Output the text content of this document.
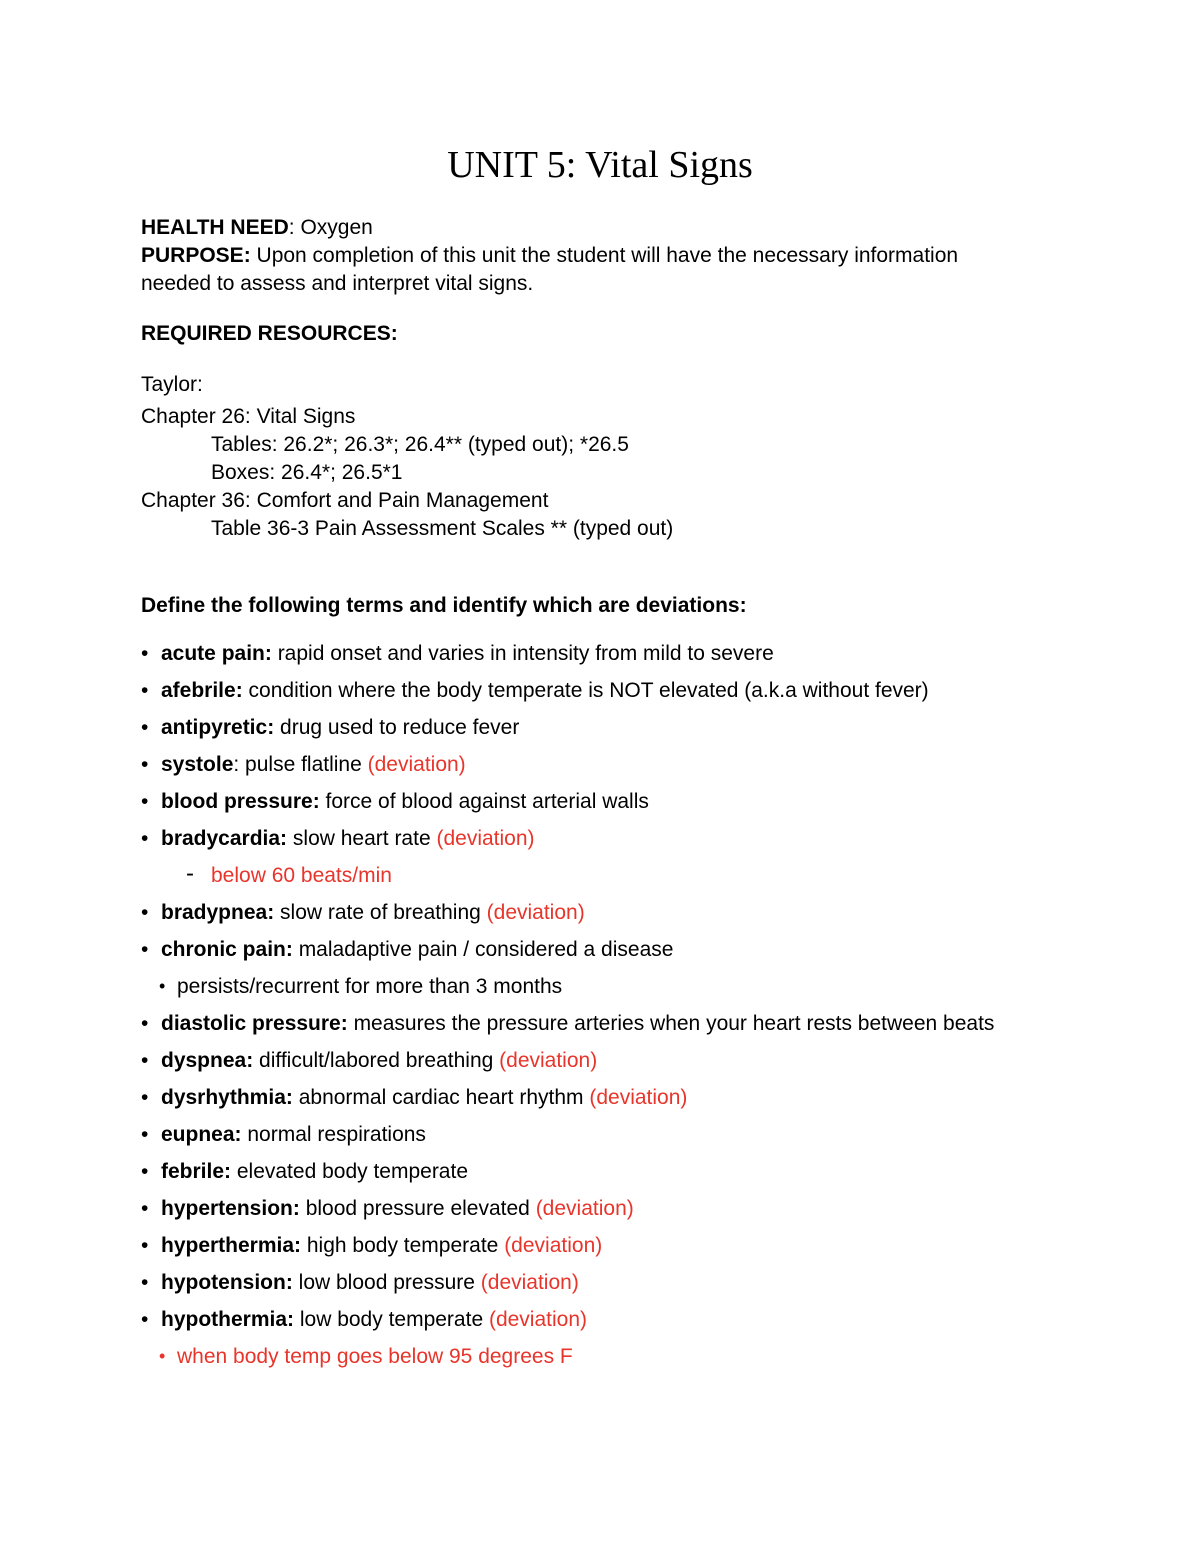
UNIT 5: Vital Signs
HEALTH NEED: Oxygen
PURPOSE: Upon completion of this unit the student will have the necessary information
needed to assess and interpret vital signs.
REQUIRED RESOURCES:
Taylor:
Chapter 26: Vital Signs
Tables: 26.2*; 26.3*; 26.4** (typed out); *26.5
Boxes: 26.4*; 26.5*1
Chapter 36: Comfort and Pain Management
Table 36-3 Pain Assessment Scales ** (typed out)
Define the following terms and identify which are deviations:
• acute pain: rapid onset and varies in intensity from mild to severe
• afebrile: condition where the body temperate is NOT elevated (a.k.a without fever)
• antipyretic: drug used to reduce fever
• systole: pulse flatline (deviation)
• blood pressure: force of blood against arterial walls
• bradycardia: slow heart rate (deviation)
- below 60 beats/min
• bradypnea: slow rate of breathing (deviation)
• chronic pain: maladaptive pain / considered a disease
• persists/recurrent for more than 3 months
• diastolic pressure: measures the pressure arteries when your heart rests between beats
• dyspnea: difficult/labored breathing (deviation)
• dysrhythmia: abnormal cardiac heart rhythm (deviation)
• eupnea: normal respirations
• febrile: elevated body temperate
• hypertension: blood pressure elevated (deviation)
• hyperthermia: high body temperate (deviation)
• hypotension: low blood pressure (deviation)
• hypothermia: low body temperate (deviation)
• when body temp goes below 95 degrees F
